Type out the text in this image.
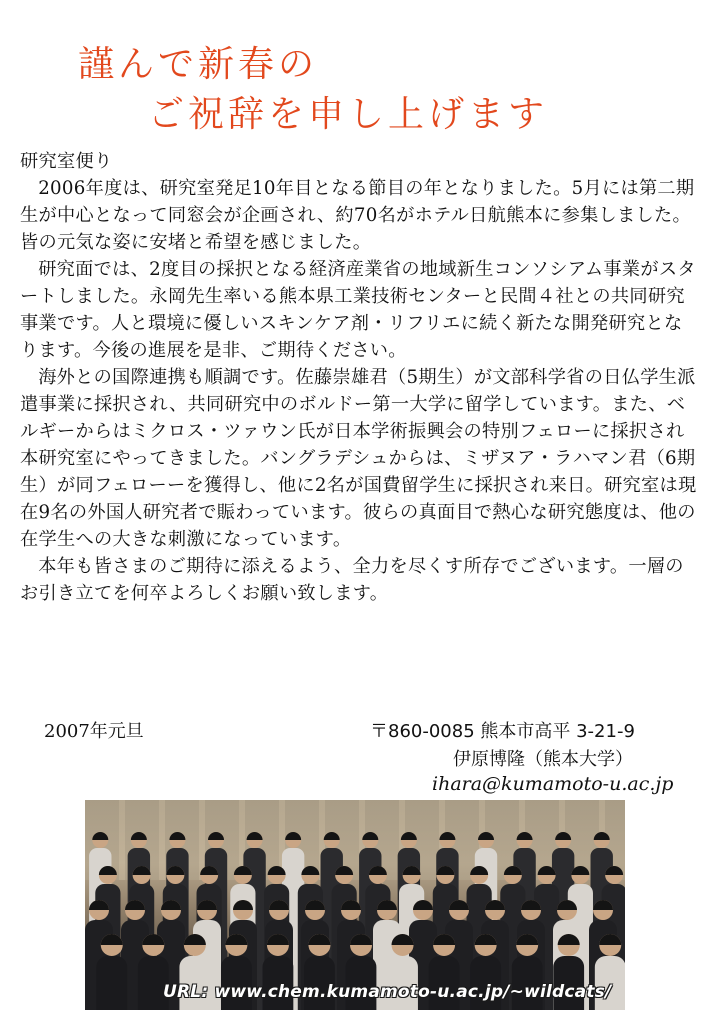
謹んで新春の
ご祝辞を申し上げます

研究室便り

2006年度は、研究室発足10年目となる節目の年となりました。5月には第二期生が中心となって同窓会が企画され、約70名がホテル日航熊本に参集しました。皆の元気な姿に安堵と希望を感じました。

研究面では、2度目の採択となる経済産業省の地域新生コンソシアム事業がスタートしました。永岡先生率いる熊本県工業技術センターと民間４社との共同研究事業です。人と環境に優しいスキンケア剤・リフリエに続く新たな開発研究となります。今後の進展を是非、ご期待ください。

海外との国際連携も順調です。佐藤崇雄君（5期生）が文部科学省の日仏学生派遣事業に採択され、共同研究中のボルドー第一大学に留学しています。また、ベルギーからはミクロス・ツァウン氏が日本学術振興会の特別フェローに採択され本研究室にやってきました。バングラデシュからは、ミザヌア・ラハマン君（6期生）が同フェローーを獲得し、他に2名が国費留学生に採択され来日。研究室は現在9名の外国人研究者で賑わっています。彼らの真面目で熱心な研究態度は、他の在学生への大きな刺激になっています。

本年も皆さまのご期待に添えるよう、全力を尽くす所存でございます。一層のお引き立てを何卒よろしくお願い致します。

2007年元旦	〒860-0085 熊本市高平 3-21-9
伊原博隆（熊本大学）
ihara@kumamoto-u.ac.jp
URL: www.chem.kumamoto-u.ac.jp/~wildcats/
